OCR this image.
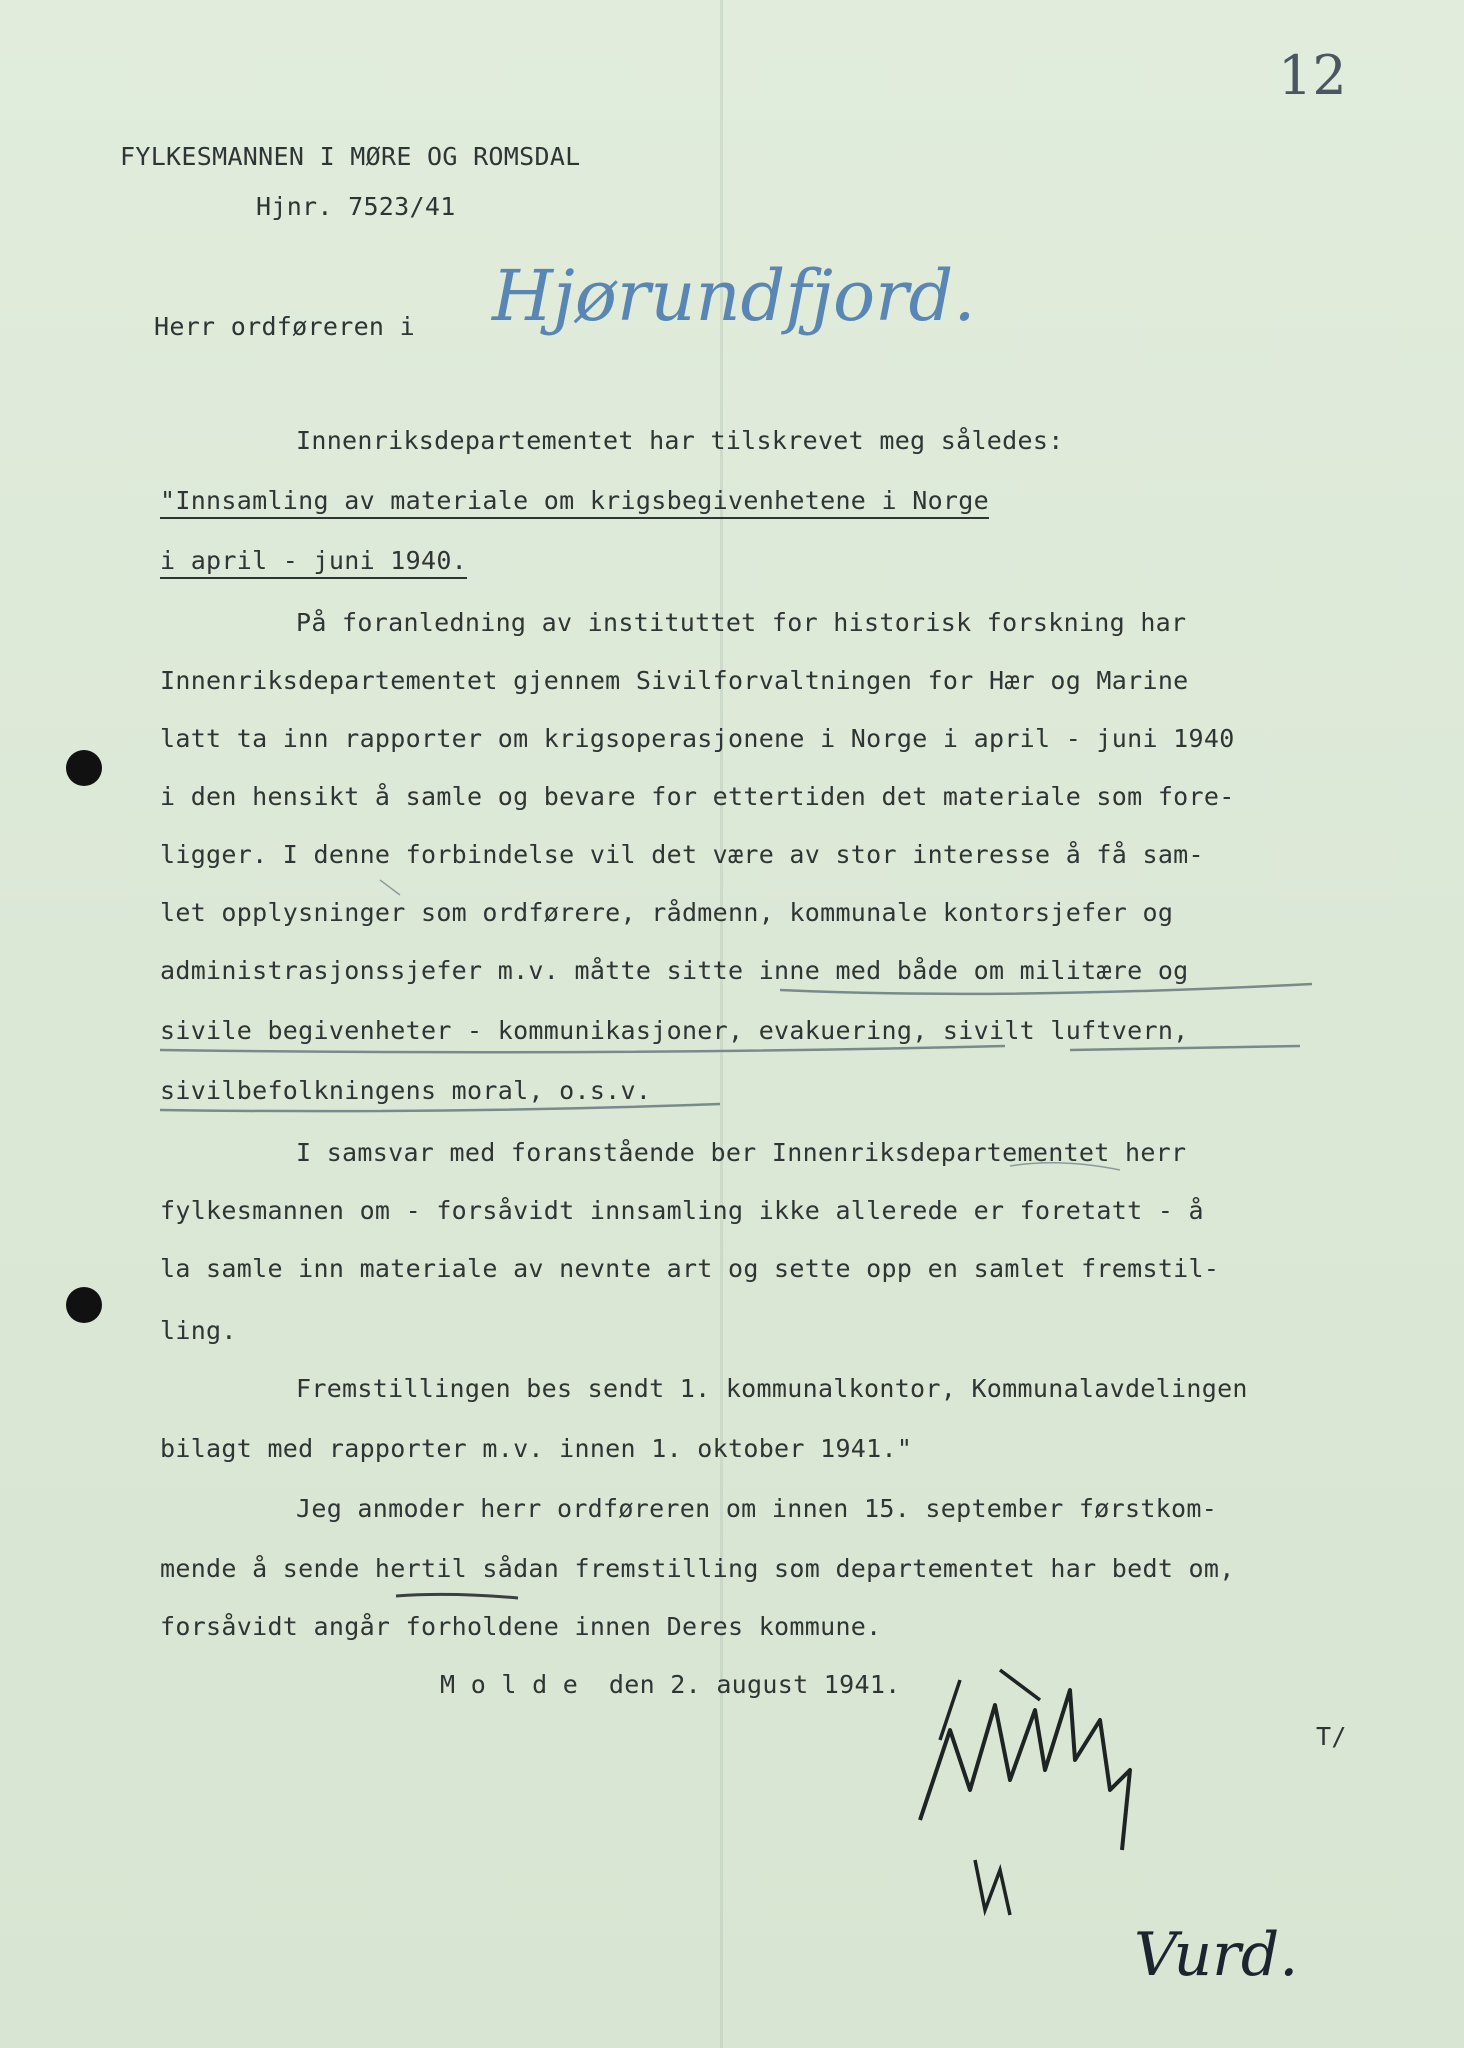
12
FYLKESMANNEN I MØRE OG ROMSDAL
Hjnr. 7523/41
Herr ordføreren i Hjørundfjord.
Innenriksdepartementet har tilskrevet meg således:
"Innsamling av materiale om krigsbegivenhetene i Norge
i april - juni 1940.
På foranledning av instituttet for historisk forskning har
Innenriksdepartementet gjennem Sivilforvaltningen for Hær og Marine
latt ta inn rapporter om krigsoperasjonene i Norge i april - juni 1940
i den hensikt å samle og bevare for ettertiden det materiale som fore-
ligger. I denne forbindelse vil det være av stor interesse å få sam-
let opplysninger som ordførere, rådmenn, kommunale kontorsjefer og
administrasjonssjefer m.v. måtte sitte inne med både om militære og
sivile begivenheter - kommunikasjoner, evakuering, sivilt luftvern,
sivilbefolkningens moral, o.s.v.
I samsvar med foranstående ber Innenriksdepartementet herr
fylkesmannen om - forsåvidt innsamling ikke allerede er foretatt - å
la samle inn materiale av nevnte art og sette opp en samlet fremstil-
ling.
Fremstillingen bes sendt 1. kommunalkontor, Kommunalavdelingen
bilagt med rapporter m.v. innen 1. oktober 1941."
Jeg anmoder herr ordføreren om innen 15. september førstkom-
mende å sende hertil sådan fremstilling som departementet har bedt om,
forsåvidt angår forholdene innen Deres kommune.
M o l d e  den 2. august 1941.
T/
Vurd.
